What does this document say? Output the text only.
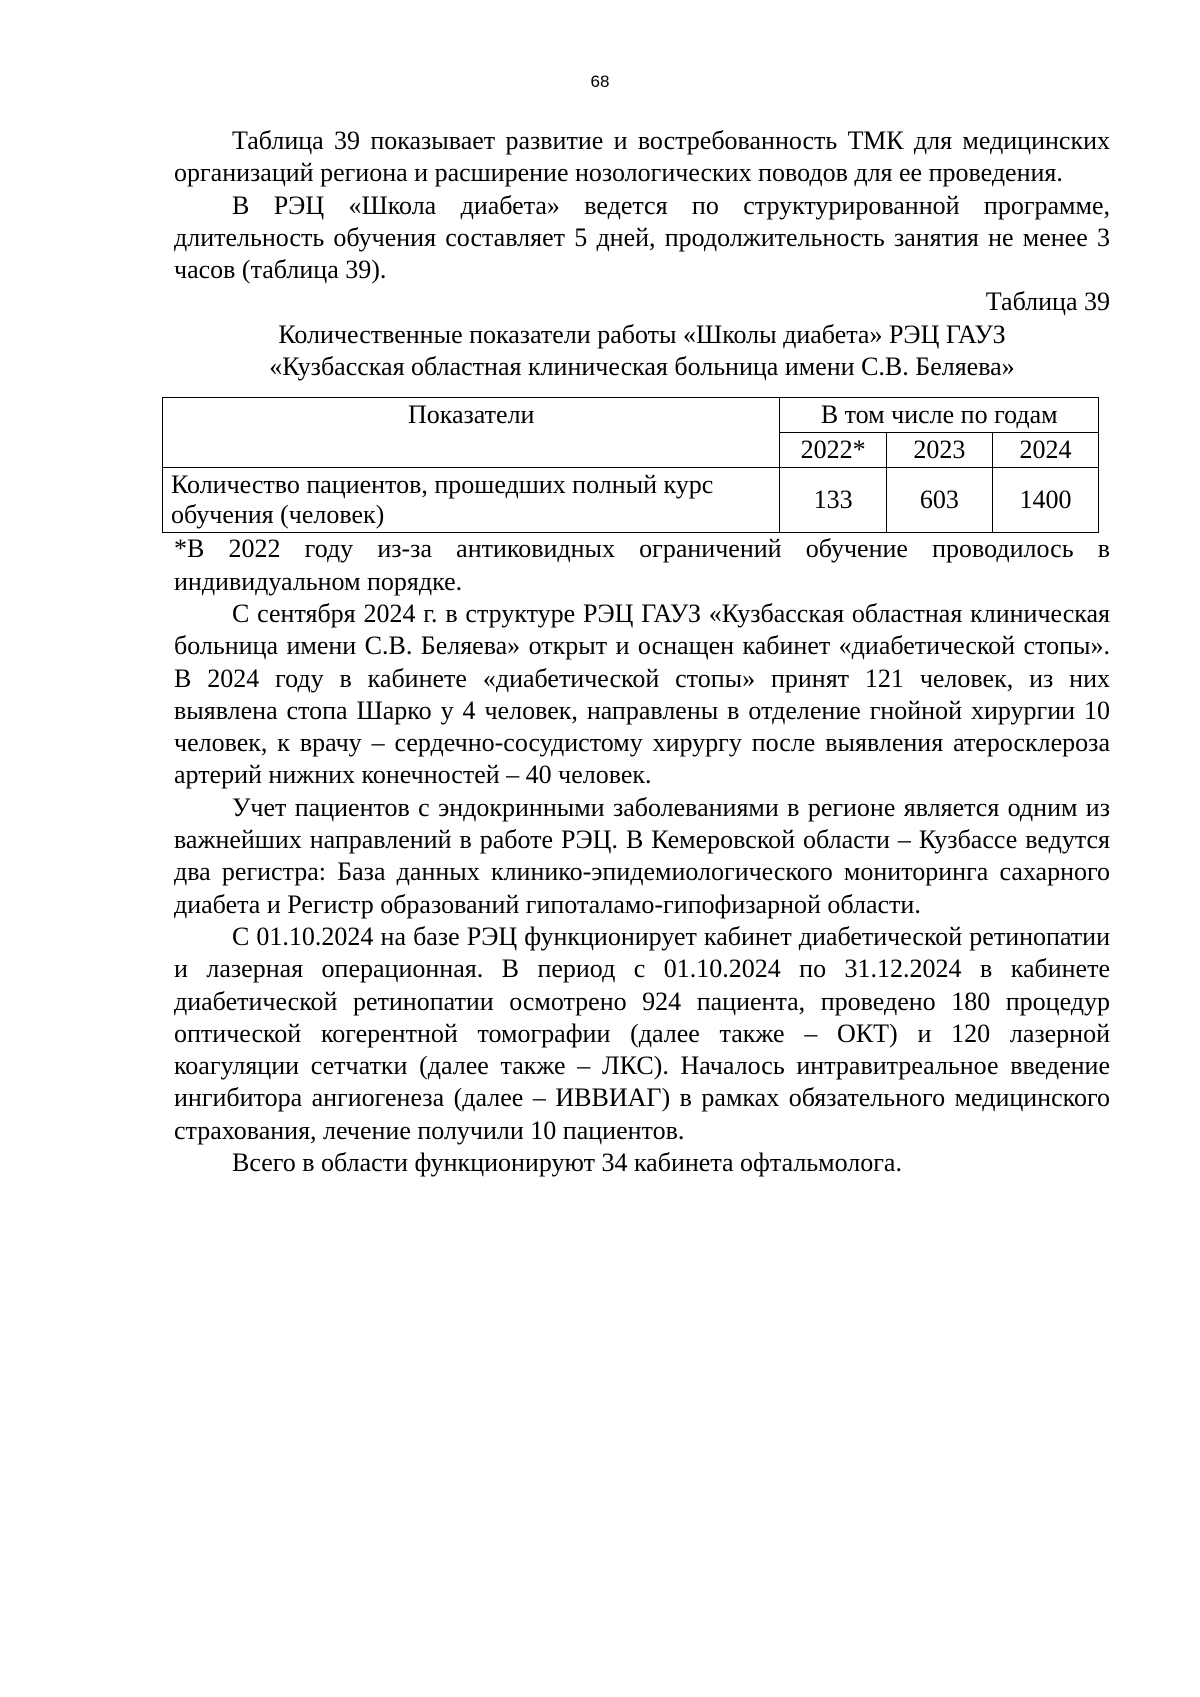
68

Таблица 39 показывает развитие и востребованность ТМК для медицинских организаций региона и расширение нозологических поводов для ее проведения.

В РЭЦ «Школа диабета» ведется по структурированной программе, длительность обучения составляет 5 дней, продолжительность занятия не менее 3 часов (таблица 39).

Таблица 39
Количественные показатели работы «Школы диабета» РЭЦ ГАУЗ
«Кузбасская областная клиническая больница имени С.В. Беляева»
Показатели	В том числе по годам		
	2022*	2023	2024
Количество пациентов, прошедших полный курс обучения (человек)	133	603	1400

*В 2022 году из-за антиковидных ограничений обучение проводилось в индивидуальном порядке.

С сентября 2024 г. в структуре РЭЦ ГАУЗ «Кузбасская областная клиническая больница имени С.В. Беляева» открыт и оснащен кабинет «диабетической стопы». В 2024 году в кабинете «диабетической стопы» принят 121 человек, из них выявлена стопа Шарко у 4 человек, направлены в отделение гнойной хирургии 10 человек, к врачу – сердечно-сосудистому хирургу после выявления атеросклероза артерий нижних конечностей – 40 человек.

Учет пациентов с эндокринными заболеваниями в регионе является одним из важнейших направлений в работе РЭЦ. В Кемеровской области – Кузбассе ведутся два регистра: База данных клинико-эпидемиологического мониторинга сахарного диабета и Регистр образований гипоталамо-гипофизарной области.

С 01.10.2024 на базе РЭЦ функционирует кабинет диабетической ретинопатии и лазерная операционная. В период с 01.10.2024 по 31.12.2024 в кабинете диабетической ретинопатии осмотрено 924 пациента, проведено 180 процедур оптической когерентной томографии (далее также – ОКТ) и 120 лазерной коагуляции сетчатки (далее также – ЛКС). Началось интравитреальное введение ингибитора ангиогенеза (далее – ИВВИАГ) в рамках обязательного медицинского страхования, лечение получили 10 пациентов.

Всего в области функционируют 34 кабинета офтальмолога.
